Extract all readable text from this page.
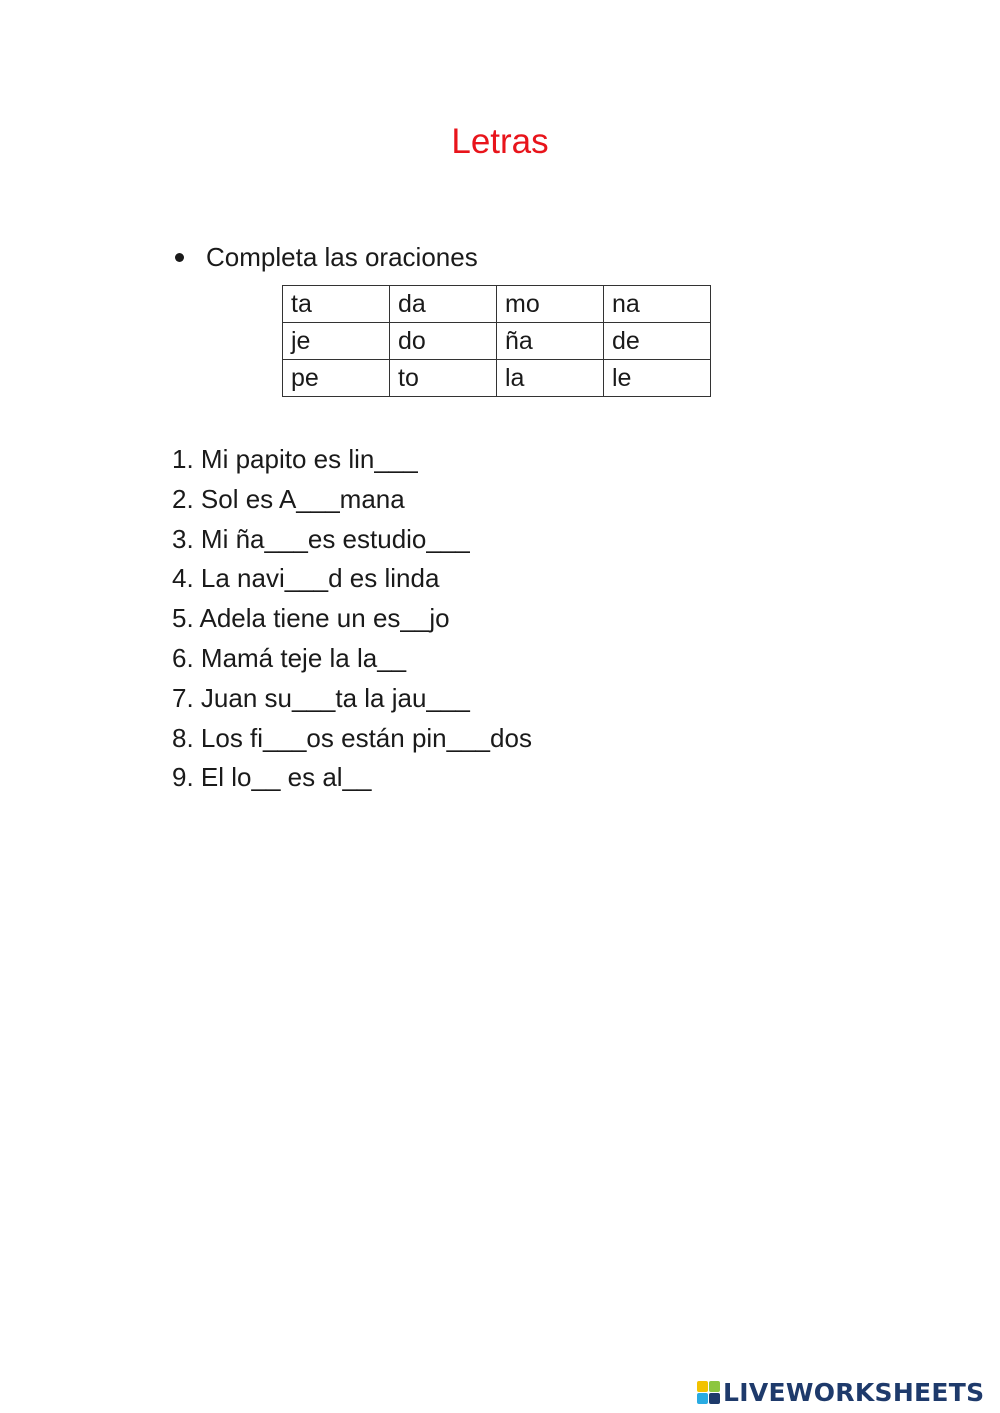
Letras
Completa las oraciones
ta	da	mo	na
je	do	ña	de
pe	to	la	le
1. Mi papito es lin___
2. Sol es A___mana
3. Mi ña___es estudio___
4. La navi___d es linda
5. Adela tiene un es__jo
6. Mamá teje la la__
7. Juan su___ta la jau___
8. Los fi___os están pin___dos
9. El lo__ es al__
LIVEWORKSHEETS
